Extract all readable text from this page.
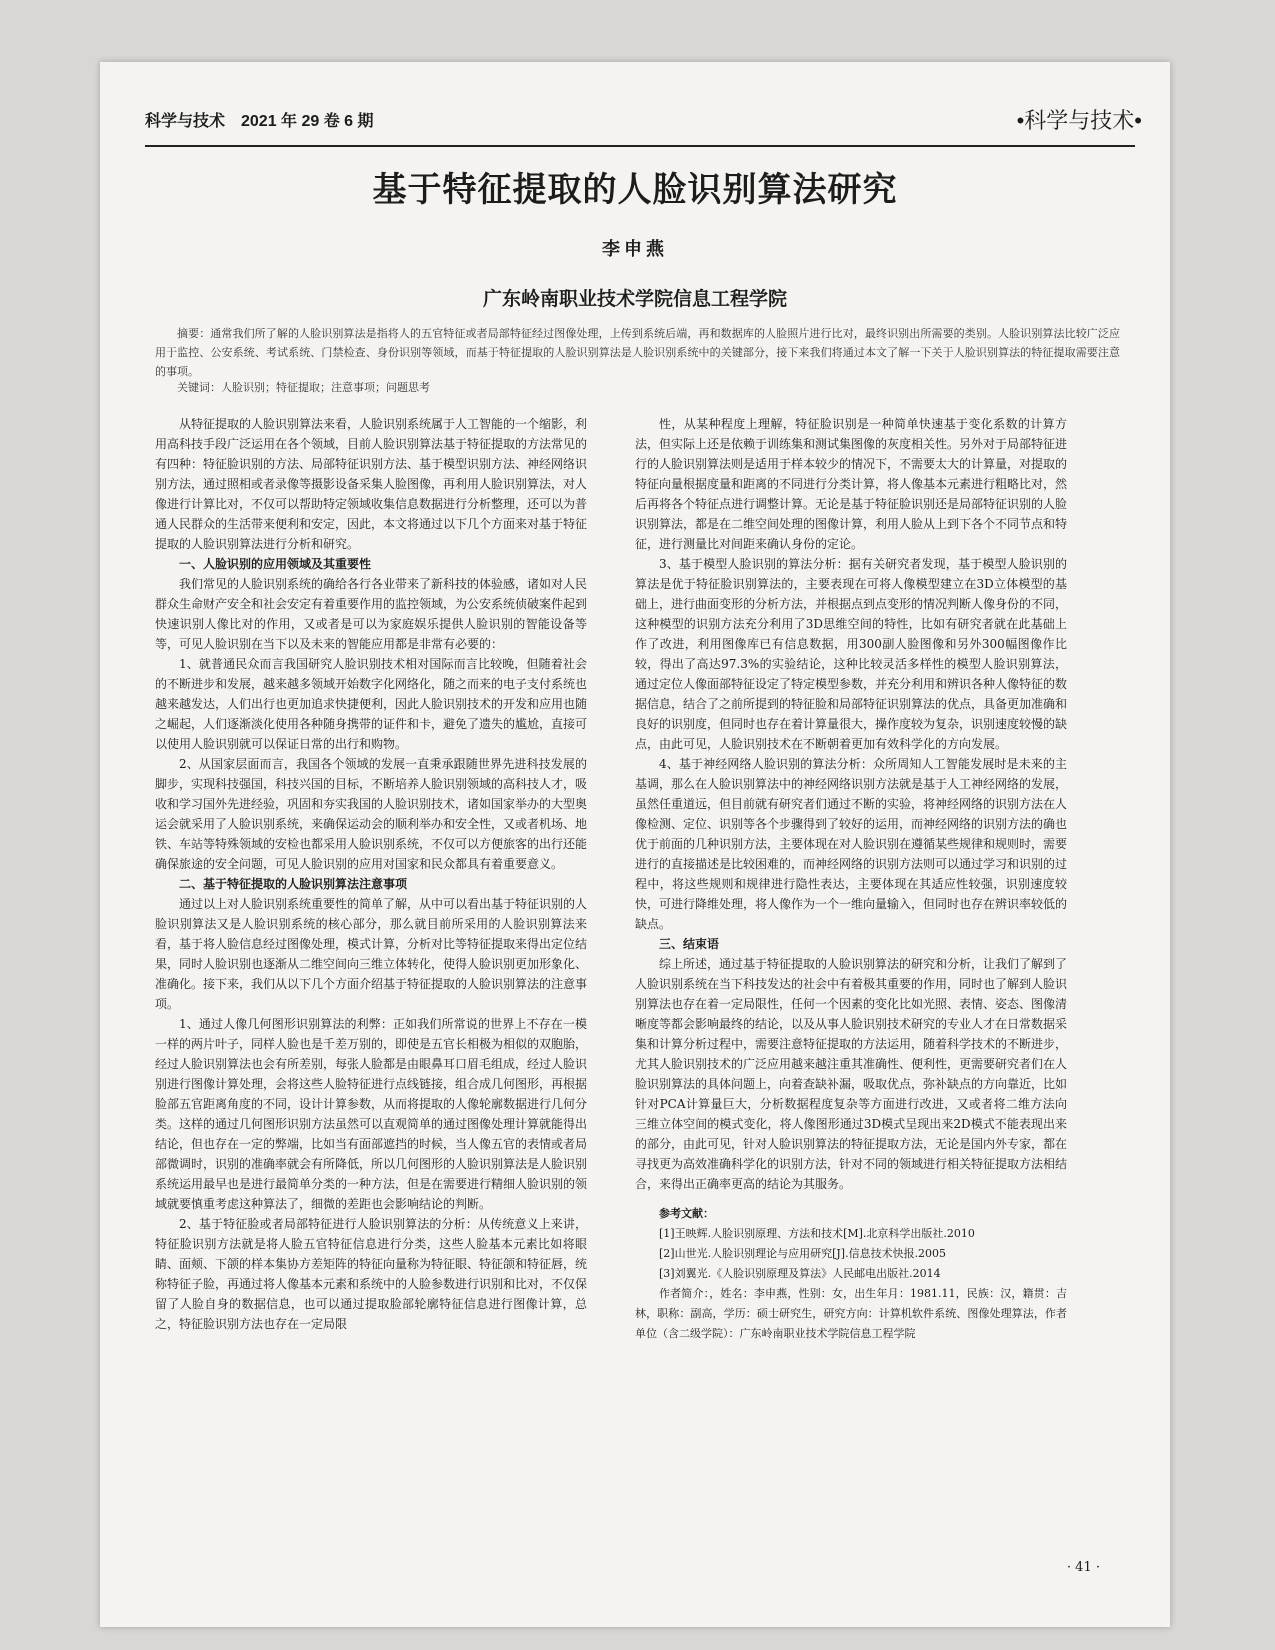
科学与技术　2021 年 29 卷 6 期	•科学与技术•
基于特征提取的人脸识别算法研究
李申燕
广东岭南职业技术学院信息工程学院
摘要：通常我们所了解的人脸识别算法是指将人的五官特征或者局部特征经过图像处理，上传到系统后端，再和数据库的人脸照片进行比对，最终识别出所需要的类别。人脸识别算法比较广泛应用于监控、公安系统、考试系统、门禁检查、身份识别等领域，而基于特征提取的人脸识别算法是人脸识别系统中的关键部分，接下来我们将通过本文了解一下关于人脸识别算法的特征提取需要注意的事项。
关键词：人脸识别；特征提取；注意事项；问题思考

从特征提取的人脸识别算法来看，人脸识别系统属于人工智能的一个缩影，利用高科技手段广泛运用在各个领域，目前人脸识别算法基于特征提取的方法常见的有四种：特征脸识别的方法、局部特征识别方法、基于模型识别方法、神经网络识别方法，通过照相或者录像等摄影设备采集人脸图像，再利用人脸识别算法，对人像进行计算比对，不仅可以帮助特定领域收集信息数据进行分析整理，还可以为普通人民群众的生活带来便利和安定，因此，本文将通过以下几个方面来对基于特征提取的人脸识别算法进行分析和研究。

一、人脸识别的应用领域及其重要性

我们常见的人脸识别系统的确给各行各业带来了新科技的体验感，诸如对人民群众生命财产安全和社会安定有着重要作用的监控领域，为公安系统侦破案件起到快速识别人像比对的作用，又或者是可以为家庭娱乐提供人脸识别的智能设备等等，可见人脸识别在当下以及未来的智能应用都是非常有必要的：

1、就普通民众而言我国研究人脸识别技术相对国际而言比较晚，但随着社会的不断进步和发展，越来越多领域开始数字化网络化，随之而来的电子支付系统也越来越发达，人们出行也更加追求快捷便利，因此人脸识别技术的开发和应用也随之崛起，人们逐渐淡化使用各种随身携带的证件和卡，避免了遗失的尴尬，直接可以使用人脸识别就可以保证日常的出行和购物。

2、从国家层面而言，我国各个领域的发展一直秉承跟随世界先进科技发展的脚步，实现科技强国，科技兴国的目标，不断培养人脸识别领域的高科技人才，吸收和学习国外先进经验，巩固和夯实我国的人脸识别技术，诸如国家举办的大型奥运会就采用了人脸识别系统，来确保运动会的顺利举办和安全性，又或者机场、地铁、车站等特殊领域的安检也都采用人脸识别系统，不仅可以方便旅客的出行还能确保旅途的安全问题，可见人脸识别的应用对国家和民众都具有着重要意义。

二、基于特征提取的人脸识别算法注意事项

通过以上对人脸识别系统重要性的简单了解，从中可以看出基于特征识别的人脸识别算法又是人脸识别系统的核心部分，那么就目前所采用的人脸识别算法来看，基于将人脸信息经过图像处理，模式计算，分析对比等特征提取来得出定位结果，同时人脸识别也逐渐从二维空间向三维立体转化，使得人脸识别更加形象化、准确化。接下来，我们从以下几个方面介绍基于特征提取的人脸识别算法的注意事项。

1、通过人像几何图形识别算法的利弊：正如我们所常说的世界上不存在一模一样的两片叶子，同样人脸也是千差万别的，即使是五官长相极为相似的双胞胎，经过人脸识别算法也会有所差别，每张人脸都是由眼鼻耳口眉毛组成，经过人脸识别进行图像计算处理，会将这些人脸特征进行点线链接，组合成几何图形，再根据脸部五官距离角度的不同，设计计算参数，从而将提取的人像轮廓数据进行几何分类。这样的通过几何图形识别方法虽然可以直观简单的通过图像处理计算就能得出结论，但也存在一定的弊端，比如当有面部遮挡的时候，当人像五官的表情或者局部微调时，识别的准确率就会有所降低，所以几何图形的人脸识别算法是人脸识别系统运用最早也是进行最简单分类的一种方法，但是在需要进行精细人脸识别的领域就要慎重考虑这种算法了，细微的差距也会影响结论的判断。

2、基于特征脸或者局部特征进行人脸识别算法的分析：从传统意义上来讲，特征脸识别方法就是将人脸五官特征信息进行分类，这些人脸基本元素比如将眼睛、面颊、下颌的样本集协方差矩阵的特征向量称为特征眼、特征颌和特征唇，统称特征子脸，再通过将人像基本元素和系统中的人脸参数进行识别和比对，不仅保留了人脸自身的数据信息，也可以通过提取脸部轮廓特征信息进行图像计算，总之，特征脸识别方法也存在一定局限

性，从某种程度上理解，特征脸识别是一种简单快速基于变化系数的计算方法，但实际上还是依赖于训练集和测试集图像的灰度相关性。另外对于局部特征进行的人脸识别算法则是适用于样本较少的情况下，不需要太大的计算量，对提取的特征向量根据度量和距离的不同进行分类计算，将人像基本元素进行粗略比对，然后再将各个特征点进行调整计算。无论是基于特征脸识别还是局部特征识别的人脸识别算法，都是在二维空间处理的图像计算，利用人脸从上到下各个不同节点和特征，进行测量比对间距来确认身份的定论。

3、基于模型人脸识别的算法分析：据有关研究者发现，基于模型人脸识别的算法是优于特征脸识别算法的，主要表现在可将人像模型建立在3D立体模型的基础上，进行曲面变形的分析方法，并根据点到点变形的情况判断人像身份的不同，这种模型的识别方法充分利用了3D思维空间的特性，比如有研究者就在此基础上作了改进，利用图像库已有信息数据，用300副人脸图像和另外300幅图像作比较，得出了高达97.3%的实验结论，这种比较灵活多样性的模型人脸识别算法，通过定位人像面部特征设定了特定模型参数，并充分利用和辨识各种人像特征的数据信息，结合了之前所提到的特征脸和局部特征识别算法的优点，具备更加准确和良好的识别度，但同时也存在着计算量很大，操作度较为复杂，识别速度较慢的缺点，由此可见，人脸识别技术在不断朝着更加有效科学化的方向发展。

4、基于神经网络人脸识别的算法分析：众所周知人工智能发展时是未来的主基调，那么在人脸识别算法中的神经网络识别方法就是基于人工神经网络的发展，虽然任重道远，但目前就有研究者们通过不断的实验，将神经网络的识别方法在人像检测、定位、识别等各个步骤得到了较好的运用，而神经网络的识别方法的确也优于前面的几种识别方法，主要体现在对人脸识别在遵循某些规律和规则时，需要进行的直接描述是比较困难的，而神经网络的识别方法则可以通过学习和识别的过程中，将这些规则和规律进行隐性表达，主要体现在其适应性较强，识别速度较快，可进行降维处理，将人像作为一个一维向量输入，但同时也存在辨识率较低的缺点。

三、结束语

综上所述，通过基于特征提取的人脸识别算法的研究和分析，让我们了解到了人脸识别系统在当下科技发达的社会中有着极其重要的作用，同时也了解到人脸识别算法也存在着一定局限性，任何一个因素的变化比如光照、表情、姿态、图像清晰度等都会影响最终的结论，以及从事人脸识别技术研究的专业人才在日常数据采集和计算分析过程中，需要注意特征提取的方法运用，随着科学技术的不断进步，尤其人脸识别技术的广泛应用越来越注重其准确性、便利性，更需要研究者们在人脸识别算法的具体问题上，向着查缺补漏，吸取优点，弥补缺点的方向靠近，比如针对PCA计算量巨大，分析数据程度复杂等方面进行改进，又或者将二维方法向三维立体空间的模式变化，将人像图形通过3D模式呈现出来2D模式不能表现出来的部分，由此可见，针对人脸识别算法的特征提取方法，无论是国内外专家，都在寻找更为高效准确科学化的识别方法，针对不同的领域进行相关特征提取方法相结合，来得出正确率更高的结论为其服务。

参考文献：
[1]王映辉.人脸识别原理、方法和技术[M].北京科学出版社.2010
[2]山世光.人脸识别理论与应用研究[J].信息技术快报.2005
[3]刘翼光.《人脸识别原理及算法》人民邮电出版社.2014
作者简介：，姓名：李申燕，性别：女，出生年月：1981.11，民族：汉，籍贯：吉林，职称：副高，学历：硕士研究生，研究方向：计算机软件系统、图像处理算法，作者单位（含二级学院）：广东岭南职业技术学院信息工程学院
· 41 ·
